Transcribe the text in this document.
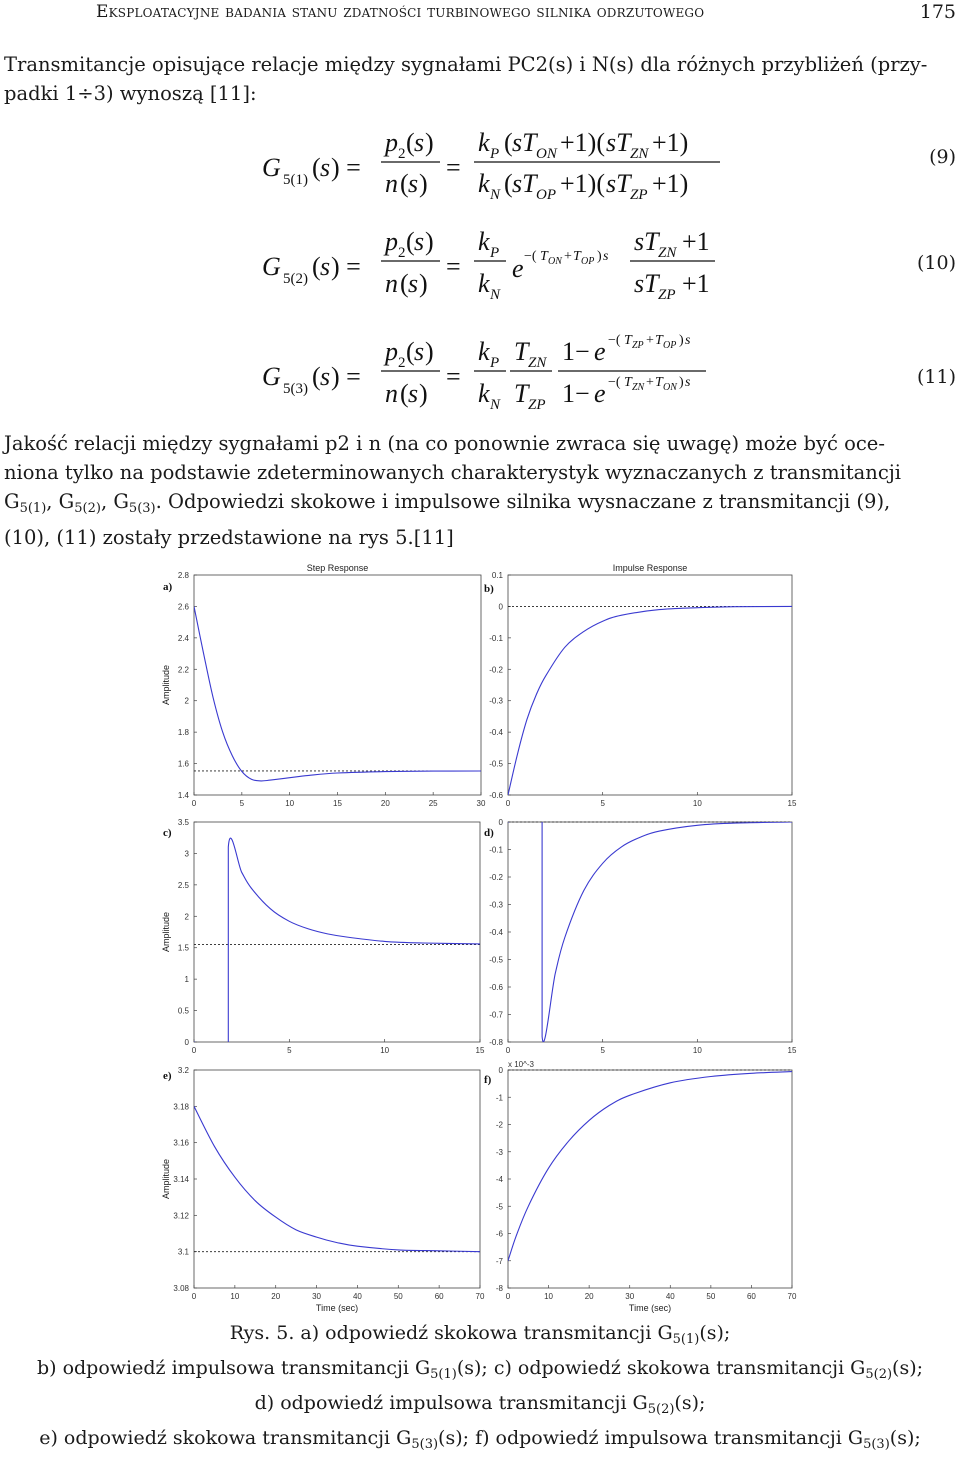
Eksploatacyjne badania stanu zdatności turbinowego silnika odrzutowego	175
Transmitancje opisujące relacje między sygnałami PC2(s) i N(s) dla różnych przybliżeń (przy-
padki 1÷3) wynoszą [11]:
G 5(1) ( s ) =
p 2 ( s )
n ( s )
=
k P ( sT ON +1)( sT ZN +1)
k N ( sT OP +1)( sT ZP +1)
(9)
G 5(2) ( s ) =
p 2 ( s )
n ( s )
=
k P
k N
e −( T ON + T OP ) s
sT ZN +1
sT ZP +1
(10)
G 5(3) ( s ) =
p 2 ( s )
n ( s )
=
k P
k N
T ZN
T ZP
1− e −( T ZP + T OP ) s
1− e −( T ZN + T ON ) s	(11)
Jakość relacji między sygnałami p2 i n (na co ponownie zwraca się uwagę) może być oce-
niona tylko na podstawie zdeterminowanych charakterystyk wyznaczanych z transmitancji
$G_{5(1)}$, $G_{5(2)}$, $G_{5(3)}$. Odpowiedzi skokowe i impulsowe silnika wysnaczane z transmitancji (9),
(10), (11) zostały przedstawione na rys 5.[11]
0	5	10	15	20	25	30
1.4
1.6
1.8
2
2.2
2.4
2.6
2.8
Step Response
Amplitude
a)
0	5	10	15
-0.6
-0.5
-0.4
-0.3
-0.2
-0.1
0
0.1
Impulse Response
b)
0	5	10	15
0
0.5
1
1.5
2
2.5
3
3.5
Amplitude
c)
0	5	10	15
-0.8
-0.7
-0.6
-0.5
-0.4
-0.3
-0.2
-0.1
0
d)
0	10	20	30	40	50	60	70
3.08
3.1
3.12
3.14
3.16
3.18
3.2
Amplitude
Time (sec)
e)
0	10	20	30	40	50	60	70
-8
-7
-6
-5
-4
-3
-2
-1
0
Time (sec)
x 10^-3
f)
Rys. 5. a) odpowiedź skokowa transmitancji $G_{5(1)}(s)$;
b) odpowiedź impulsowa transmitancji $G_{5(1)}(s)$; c) odpowiedź skokowa transmitancji $G_{5(2)}(s)$;
d) odpowiedź impulsowa transmitancji $G_{5(2)}(s)$;
e) odpowiedź skokowa transmitancji $G_{5(3)}(s)$; f) odpowiedź impulsowa transmitancji $G_{5(3)}(s)$;
